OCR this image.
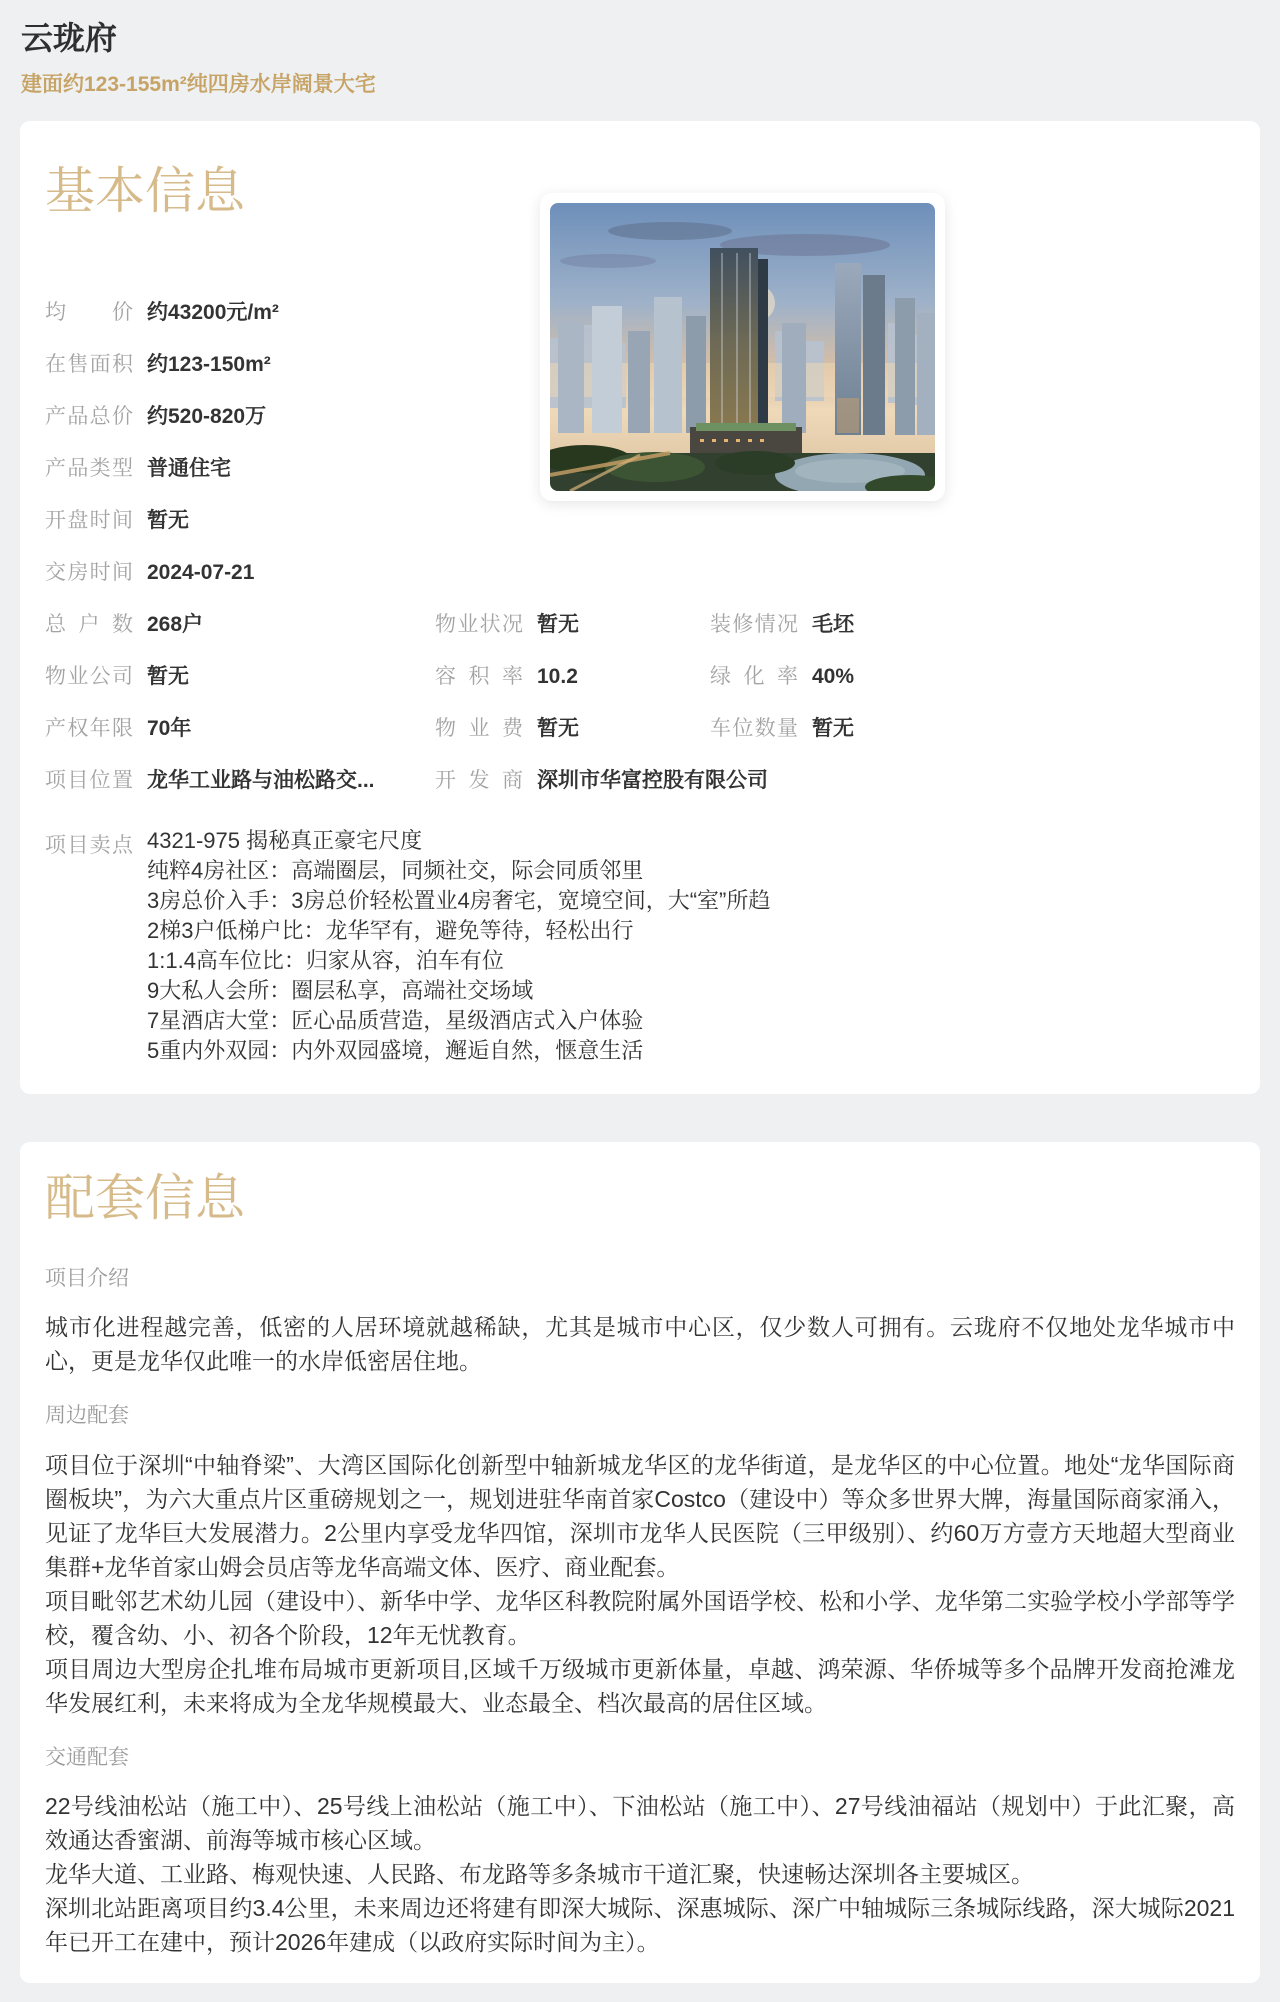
云珑府

建面约123-155m²纯四房水岸阔景大宅

基本信息
均价 约43200元/m²
在售面积 约123-150m²
产品总价 约520-820万
产品类型 普通住宅
开盘时间 暂无
交房时间 2024-07-21
总户数 268户	物业状况 暂无	装修情况 毛坯
物业公司 暂无	容积率 10.2	绿化率 40%
产权年限 70年	物业费 暂无	车位数量 暂无
项目位置 龙华工业路与油松路交...	开发商 深圳市华富控股有限公司
项目卖点 4321-975 揭秘真正豪宅尺度
纯粹4房社区：高端圈层，同频社交，际会同质邻里
3房总价入手：3房总价轻松置业4房奢宅，宽境空间，大“室”所趋
2梯3户低梯户比：龙华罕有，避免等待，轻松出行
1:1.4高车位比：归家从容，泊车有位
9大私人会所：圈层私享，高端社交场域
7星酒店大堂：匠心品质营造，星级酒店式入户体验
5重内外双园：内外双园盛境，邂逅自然，惬意生活
配套信息
项目介绍

城市化进程越完善，低密的人居环境就越稀缺，尤其是城市中心区，仅少数人可拥有。云珑府不仅地处龙华城市中心，更是龙华仅此唯一的水岸低密居住地。

周边配套

项目位于深圳“中轴脊梁”、大湾区国际化创新型中轴新城龙华区的龙华街道，是龙华区的中心位置。地处“龙华国际商圈板块”，为六大重点片区重磅规划之一，规划进驻华南首家Costco（建设中）等众多世界大牌，海量国际商家涌入，见证了龙华巨大发展潜力。2公里内享受龙华四馆，深圳市龙华人民医院（三甲级别）、约60万方壹方天地超大型商业集群+龙华首家山姆会员店等龙华高端文体、医疗、商业配套。

项目毗邻艺术幼儿园（建设中）、新华中学、龙华区科教院附属外国语学校、松和小学、龙华第二实验学校小学部等学校，覆含幼、小、初各个阶段，12年无忧教育。

项目周边大型房企扎堆布局城市更新项目,区域千万级城市更新体量，卓越、鸿荣源、华侨城等多个品牌开发商抢滩龙华发展红利，未来将成为全龙华规模最大、业态最全、档次最高的居住区域。

交通配套

22号线油松站（施工中）、25号线上油松站（施工中）、下油松站（施工中）、27号线油福站（规划中）于此汇聚，高效通达香蜜湖、前海等城市核心区域。

龙华大道、工业路、梅观快速、人民路、布龙路等多条城市干道汇聚，快速畅达深圳各主要城区。

深圳北站距离项目约3.4公里，未来周边还将建有即深大城际、深惠城际、深广中轴城际三条城际线路，深大城际2021年已开工在建中，预计2026年建成（以政府实际时间为主）。
